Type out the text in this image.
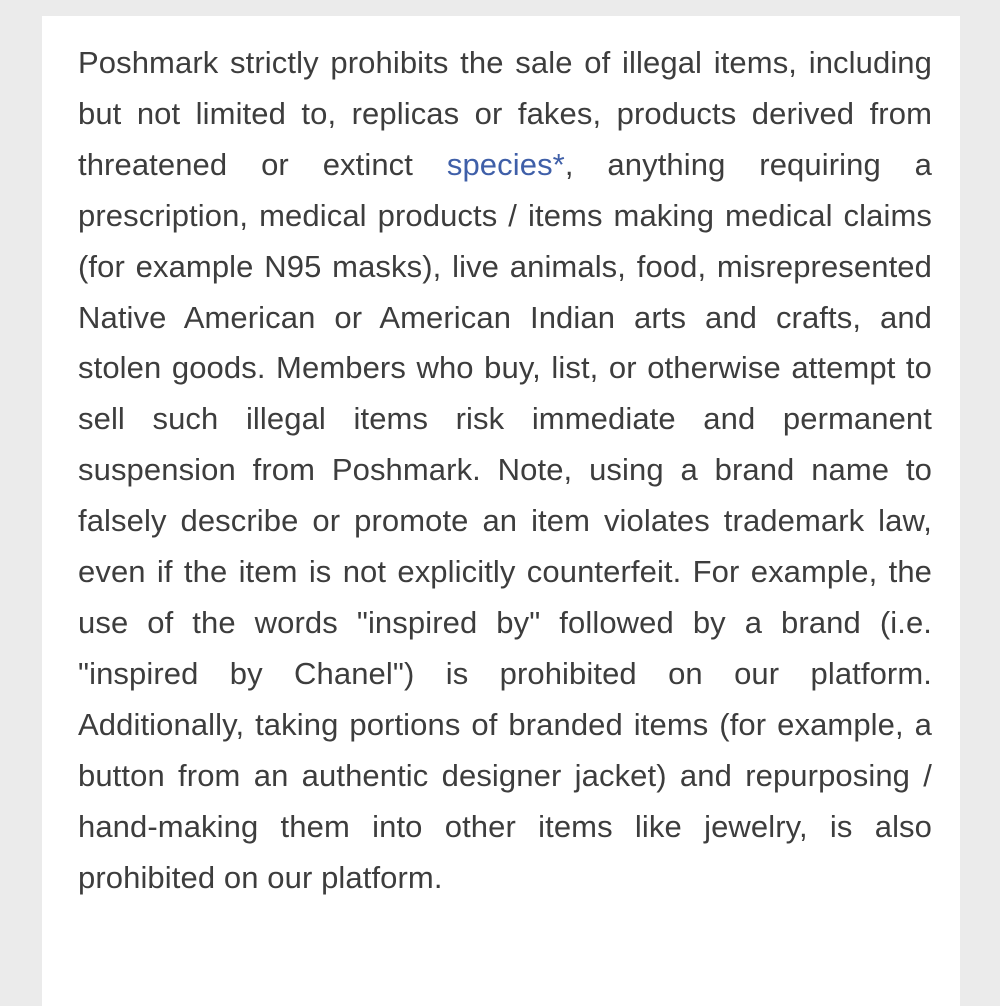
Poshmark strictly prohibits the sale of illegal items, including but not limited to, replicas or fakes, products derived from threatened or extinct species*, anything requiring a prescription, medical products / items making medical claims (for example N95 masks), live animals, food, misrepresented Native American or American Indian arts and crafts, and stolen goods. Members who buy, list, or otherwise attempt to sell such illegal items risk immediate and permanent suspension from Poshmark. Note, using a brand name to falsely describe or promote an item violates trademark law, even if the item is not explicitly counterfeit. For example, the use of the words "inspired by" followed by a brand (i.e. "inspired by Chanel") is prohibited on our platform. Additionally, taking portions of branded items (for example, a button from an authentic designer jacket) and repurposing / hand-making them into other items like jewelry, is also prohibited on our platform.
